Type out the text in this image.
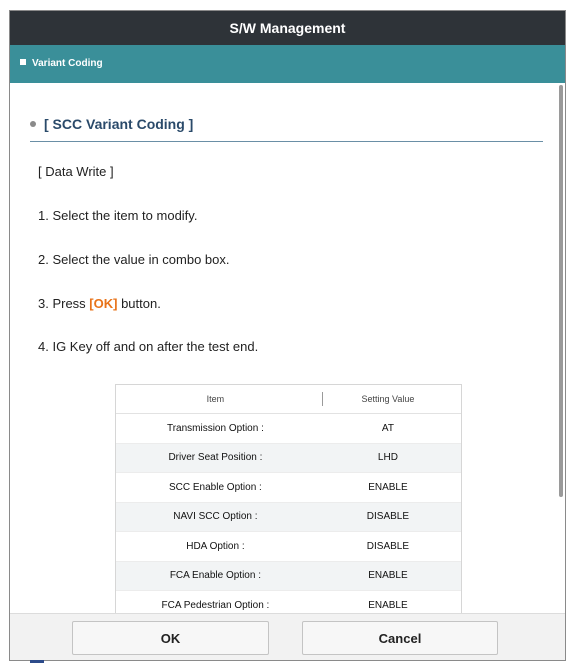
S/W Management
Variant Coding
[ SCC Variant Coding ]
[ Data Write ]
1. Select the item to modify.
2. Select the value in combo box.
3. Press [OK] button.
4. IG Key off and on after the test end.
Item	Setting Value
Transmission Option :	AT
Driver Seat Position :	LHD
SCC Enable Option :	ENABLE
NAVI SCC Option :	DISABLE
HDA Option :	DISABLE
FCA Enable Option :	ENABLE
FCA Pedestrian Option :	ENABLE
OK	Cancel
